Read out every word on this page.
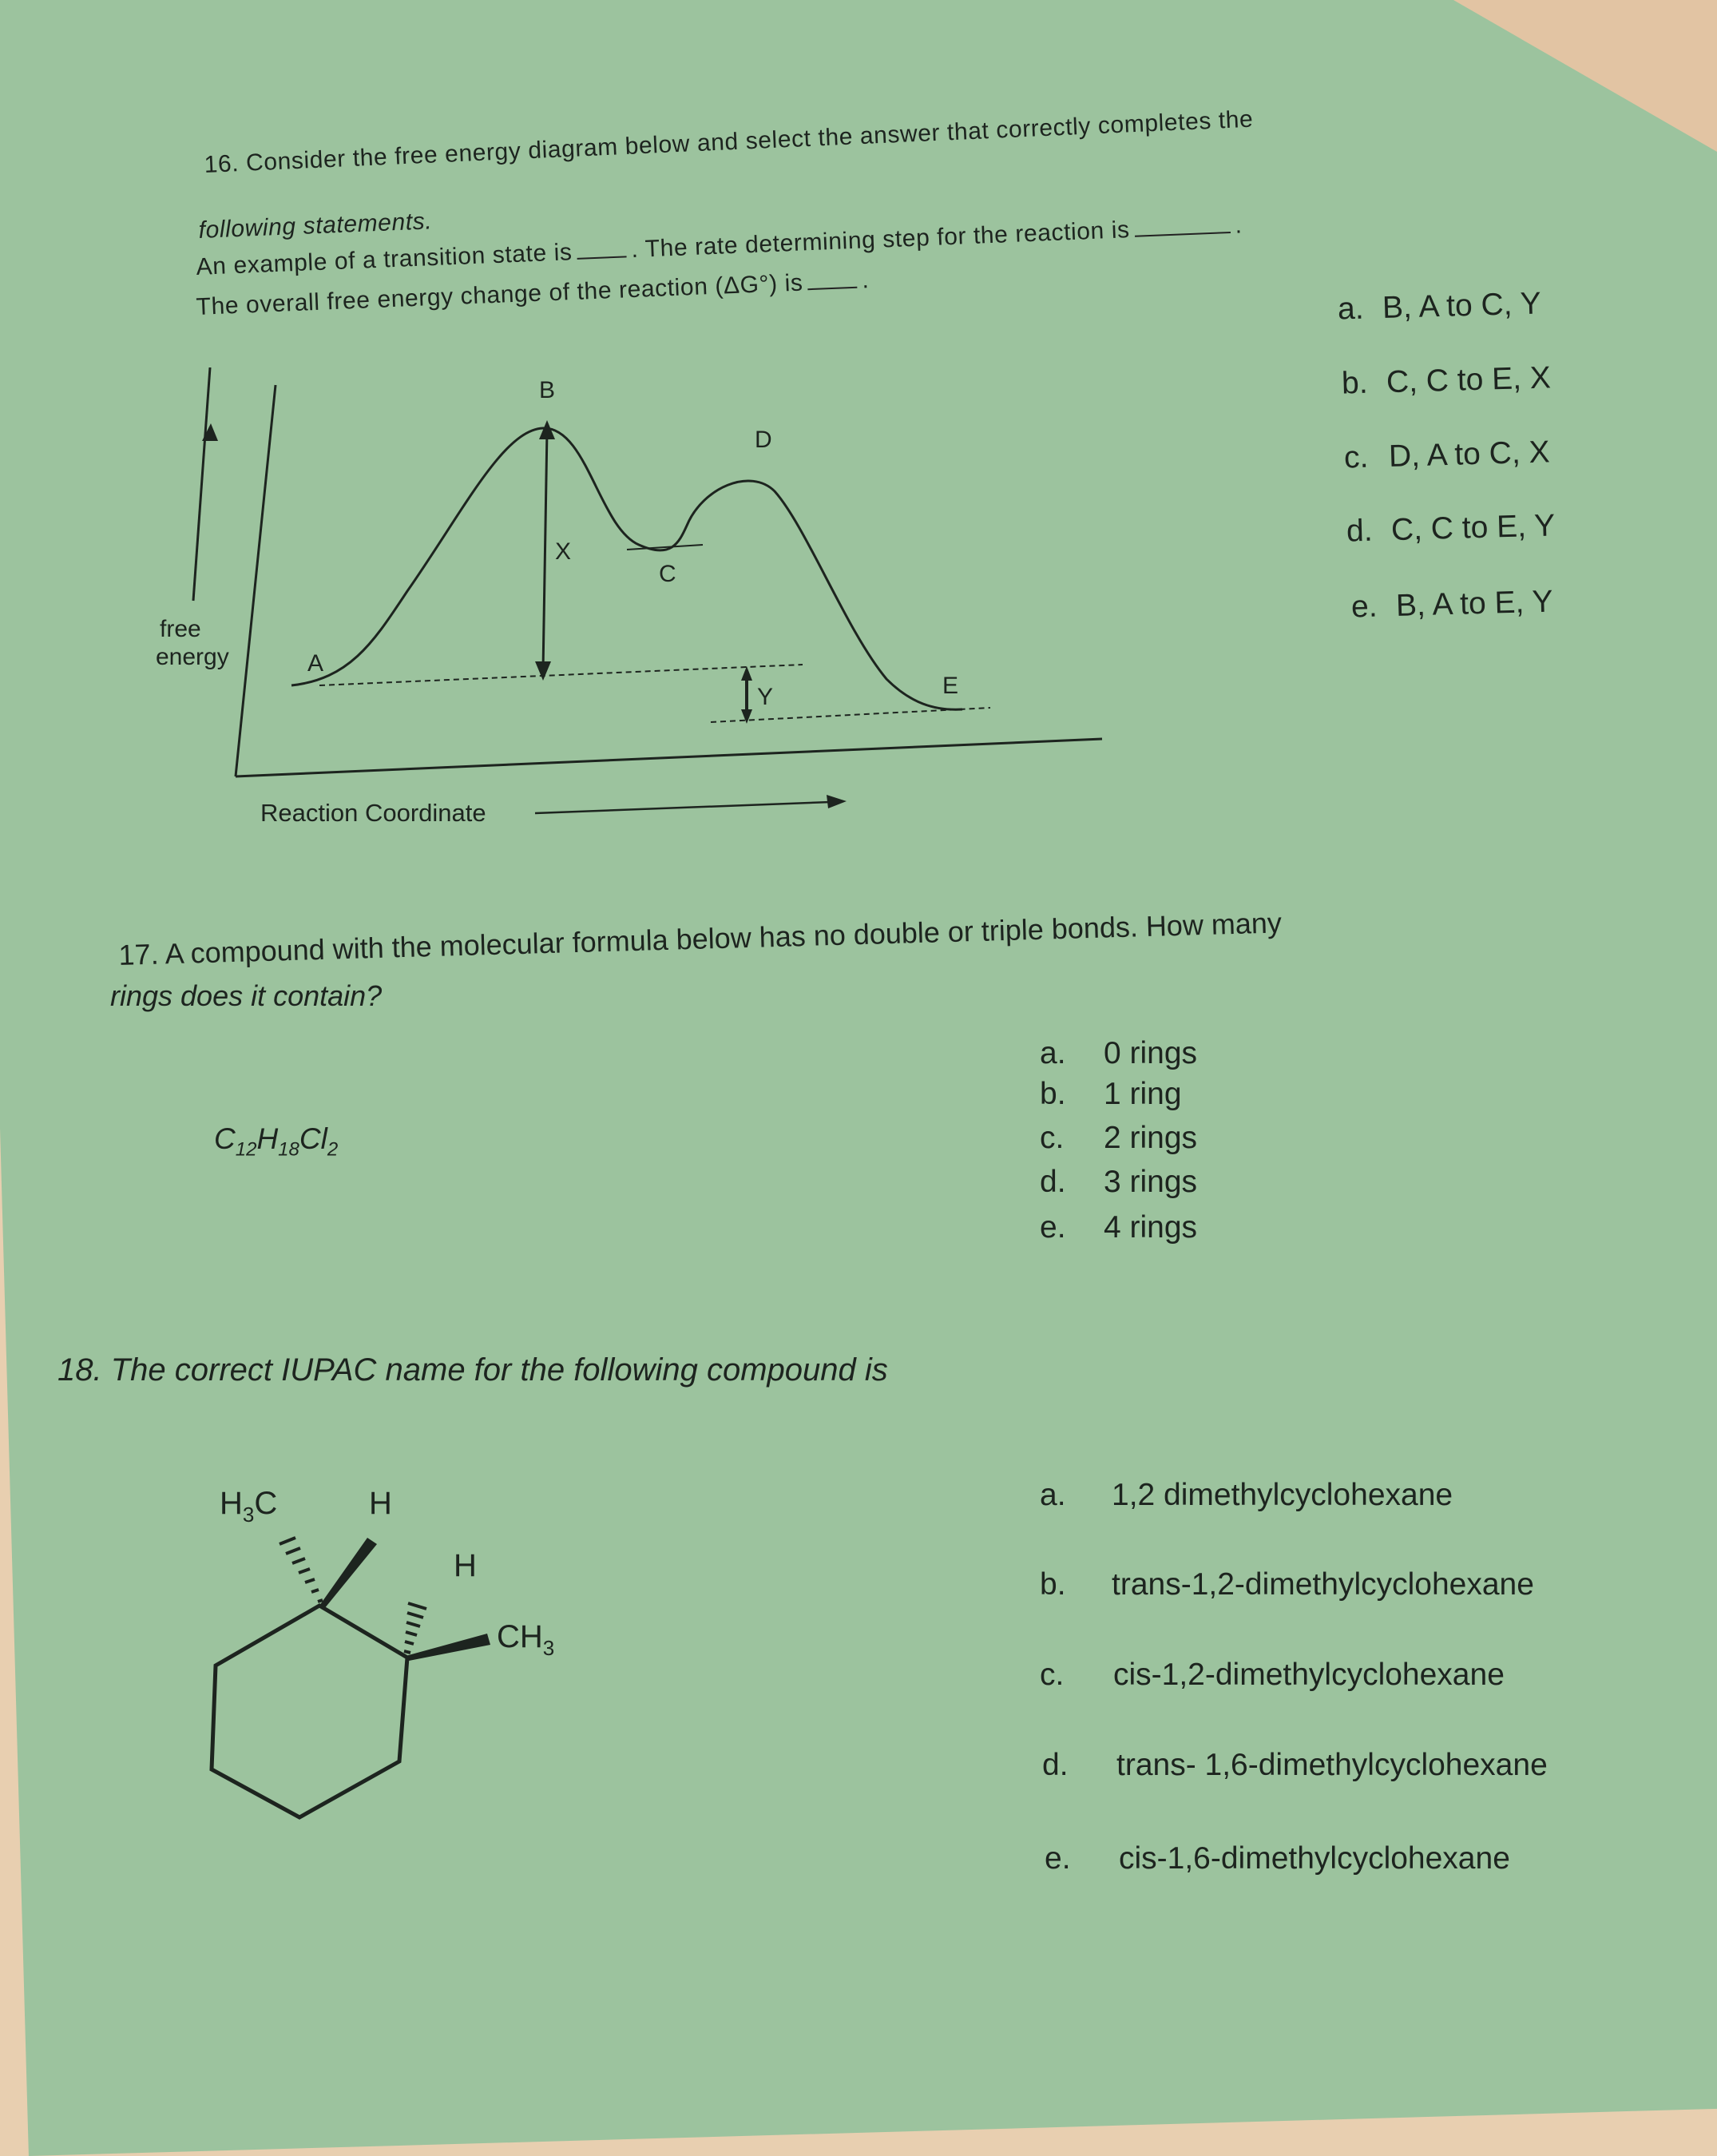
16. Consider the free energy diagram below and select the answer that correctly completes the
following statements.
An example of a transition state is . The rate determining step for the reaction is	.
The overall free energy change of the reaction (ΔG°) is .
B
D
C
A
E
X
Y
free
energy
Reaction Coordinate
a. B, A to C, Y
b. C, C to E, X
c. D, A to C, X
d. C, C to E, Y
e. B, A to E, Y
17. A compound with the molecular formula below has no double or triple bonds. How many
rings does it contain?
$C_{12}H_{18}Cl_2$
a. 0 rings
b. 1 ring
c. 2 rings
d. 3 rings
e. 4 rings
18. The correct IUPAC name for the following compound is
$H_3C$	H
H
$CH_3$
a. 1,2 dimethylcyclohexane
b. trans-1,2-dimethylcyclohexane
c. cis-1,2-dimethylcyclohexane
d. trans- 1,6-dimethylcyclohexane
e. cis-1,6-dimethylcyclohexane
